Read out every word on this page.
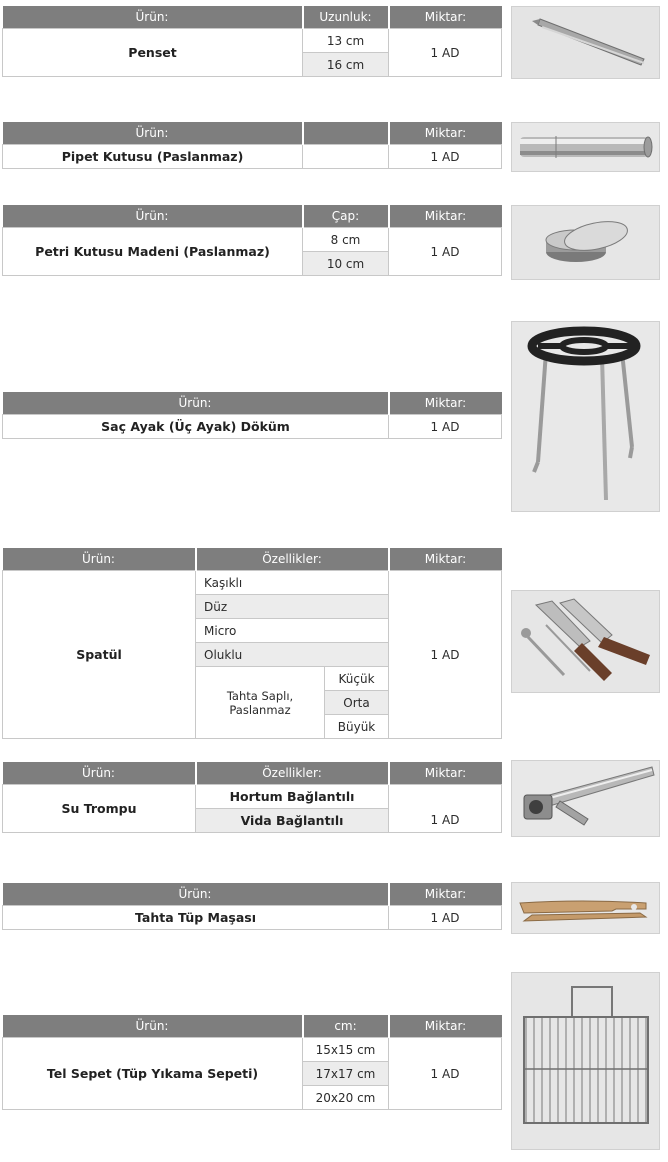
Ürün:	Uzunluk:	Miktar:
Penset	13 cm	1 AD
	16 cm	
Ürün:		Miktar:
Pipet Kutusu (Paslanmaz)		1 AD
Ürün:	Çap:	Miktar:
Petri Kutusu Madeni (Paslanmaz)	8 cm	1 AD
	10 cm	
Ürün:	Miktar:
Saç Ayak (Üç Ayak) Döküm	1 AD
Ürün:	Özellikler:		Miktar:
Spatül	Kaşıklı		1 AD
	Düz		
	Micro		
	Oluklu		
	Tahta Saplı, Paslanmaz	Küçük	
		Orta	
		Büyük	
Ürün:	Özellikler:	Miktar:
Su Trompu	Hortum Bağlantılı	
	Vida Bağlantılı	1 AD
Ürün:	Miktar:
Tahta Tüp Maşası	1 AD
Ürün:	cm:	Miktar:
Tel Sepet (Tüp Yıkama Sepeti)	15x15 cm	1 AD
	17x17 cm	
	20x20 cm	
